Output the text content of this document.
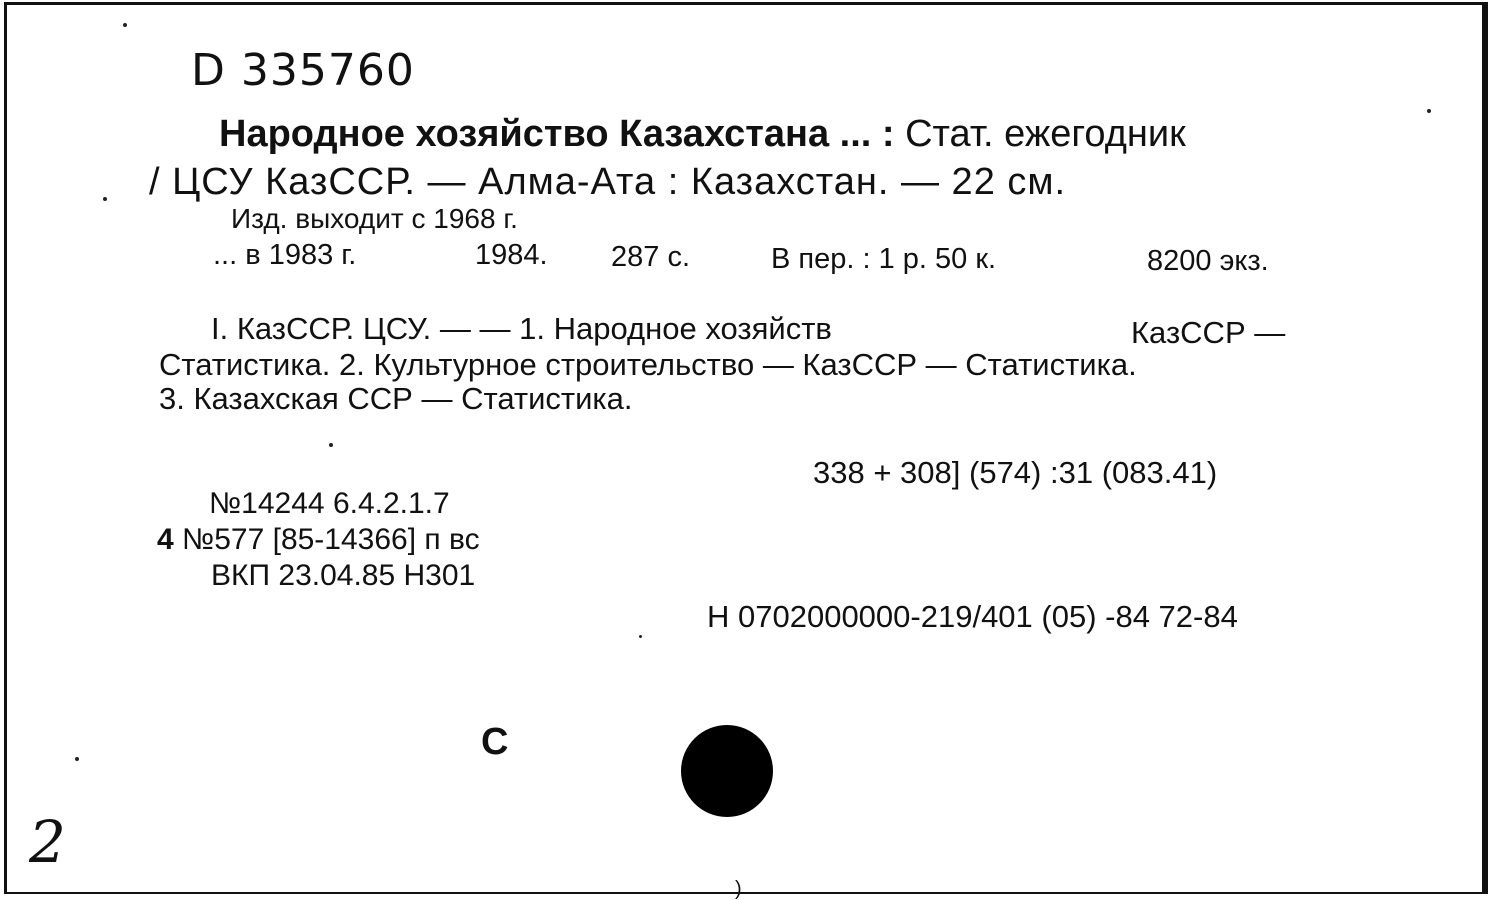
D 335760
Народное хозяйство Казахстана ... : Стат. ежегодник
/ ЦСУ КазССР. — Алма-Ата : Казахстан. — 22 см.
Изд. выходит с 1968 г.
... в 1983 г.	1984. 287 с.	В пер. : 1 р. 50 к.	8200 экз.
I. КазССР. ЦСУ. — — 1. Народное хозяйств	КазССР —
Статистика. 2. Культурное строительство — КазССР — Статистика.
3. Казахская ССР — Статистика.
338 + 308] (574) :31 (083.41)
№14244 6.4.2.1.7
4 №577 [85-14366] п вс
ВКП 23.04.85 Н301
Н 0702000000-219/401 (05) -84 72-84
С
2
)
